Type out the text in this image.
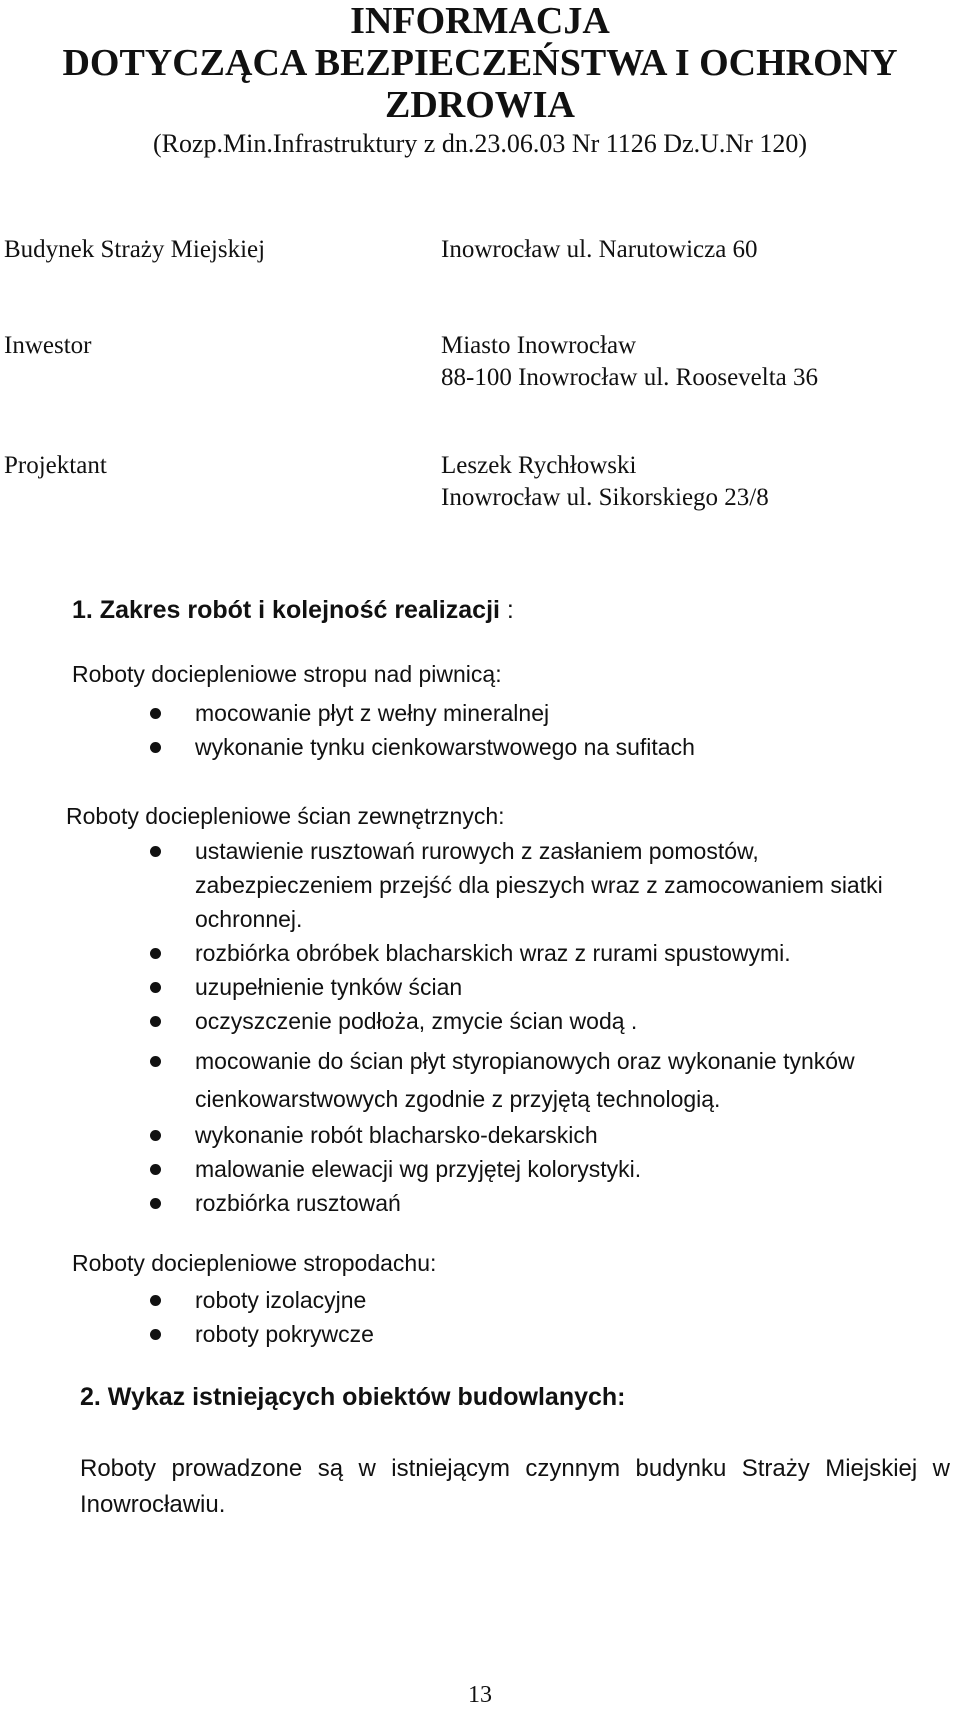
INFORMACJA
DOTYCZĄCA BEZPIECZEŃSTWA I OCHRONY
ZDROWIA
(Rozp.Min.Infrastruktury z dn.23.06.03 Nr 1126 Dz.U.Nr 120)
Budynek Straży Miejskiej	Inowrocław ul. Narutowicza 60
Inwestor	Miasto Inowrocław
88-100 Inowrocław ul. Roosevelta 36
Projektant	Leszek Rychłowski
Inowrocław ul. Sikorskiego 23/8
1. Zakres robót i kolejność realizacji :
Roboty dociepleniowe stropu nad piwnicą:
mocowanie płyt z wełny mineralnej
wykonanie tynku cienkowarstwowego na sufitach
Roboty dociepleniowe ścian zewnętrznych:
ustawienie rusztowań rurowych z zasłaniem pomostów, zabezpieczeniem przejść dla pieszych wraz z zamocowaniem siatki ochronnej.
rozbiórka obróbek blacharskich wraz z rurami spustowymi.
uzupełnienie tynków ścian
oczyszczenie podłoża, zmycie ścian wodą .
mocowanie do ścian płyt styropianowych oraz wykonanie tynków cienkowarstwowych zgodnie z przyjętą technologią.
wykonanie robót blacharsko-dekarskich
malowanie elewacji wg przyjętej kolorystyki.
rozbiórka rusztowań
Roboty dociepleniowe stropodachu:
roboty izolacyjne
roboty pokrywcze
2. Wykaz istniejących obiektów budowlanych:
Roboty prowadzone są w istniejącym czynnym budynku Straży Miejskiej w Inowrocławiu.
13
